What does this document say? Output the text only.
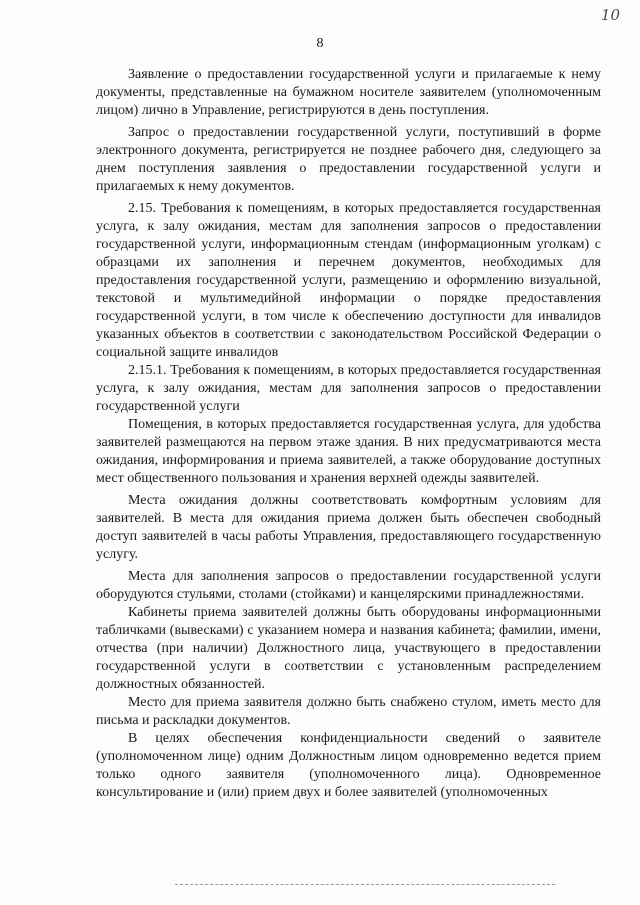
10
8

Заявление о предоставлении государственной услуги и прилагаемые к нему документы, представленные на бумажном носителе заявителем (уполномоченным лицом) лично в Управление, регистрируются в день поступления.

Запрос о предоставлении государственной услуги, поступивший в форме электронного документа, регистрируется не позднее рабочего дня, следующего за днем поступления заявления о предоставлении государственной услуги и прилагаемых к нему документов.

2.15. Требования к помещениям, в которых предоставляется государственная услуга, к залу ожидания, местам для заполнения запросов о предоставлении государственной услуги, информационным стендам (информационным уголкам) с образцами их заполнения и перечнем документов, необходимых для предоставления государственной услуги, размещению и оформлению визуальной, текстовой и мультимедийной информации о порядке предоставления государственной услуги, в том числе к обеспечению доступности для инвалидов указанных объектов в соответствии с законодательством Российской Федерации о социальной защите инвалидов

2.15.1. Требования к помещениям, в которых предоставляется государственная услуга, к залу ожидания, местам для заполнения запросов о предоставлении государственной услуги

Помещения, в которых предоставляется государственная услуга, для удобства заявителей размещаются на первом этаже здания. В них предусматриваются места ожидания, информирования и приема заявителей, а также оборудование доступных мест общественного пользования и хранения верхней одежды заявителей.

Места ожидания должны соответствовать комфортным условиям для заявителей. В места для ожидания приема должен быть обеспечен свободный доступ заявителей в часы работы Управления, предоставляющего государственную услугу.

Места для заполнения запросов о предоставлении государственной услуги оборудуются стульями, столами (стойками) и канцелярскими принадлежностями.

Кабинеты приема заявителей должны быть оборудованы информационными табличками (вывесками) с указанием номера и названия кабинета; фамилии, имени, отчества (при наличии) Должностного лица, участвующего в предоставлении государственной услуги в соответствии с установленным распределением должностных обязанностей.

Место для приема заявителя должно быть снабжено стулом, иметь место для письма и раскладки документов.

В целях обеспечения конфиденциальности сведений о заявителе (уполномоченном лице) одним Должностным лицом одновременно ведется прием только одного заявителя (уполномоченного лица). Одновременное консультирование и (или) прием двух и более заявителей (уполномоченных
